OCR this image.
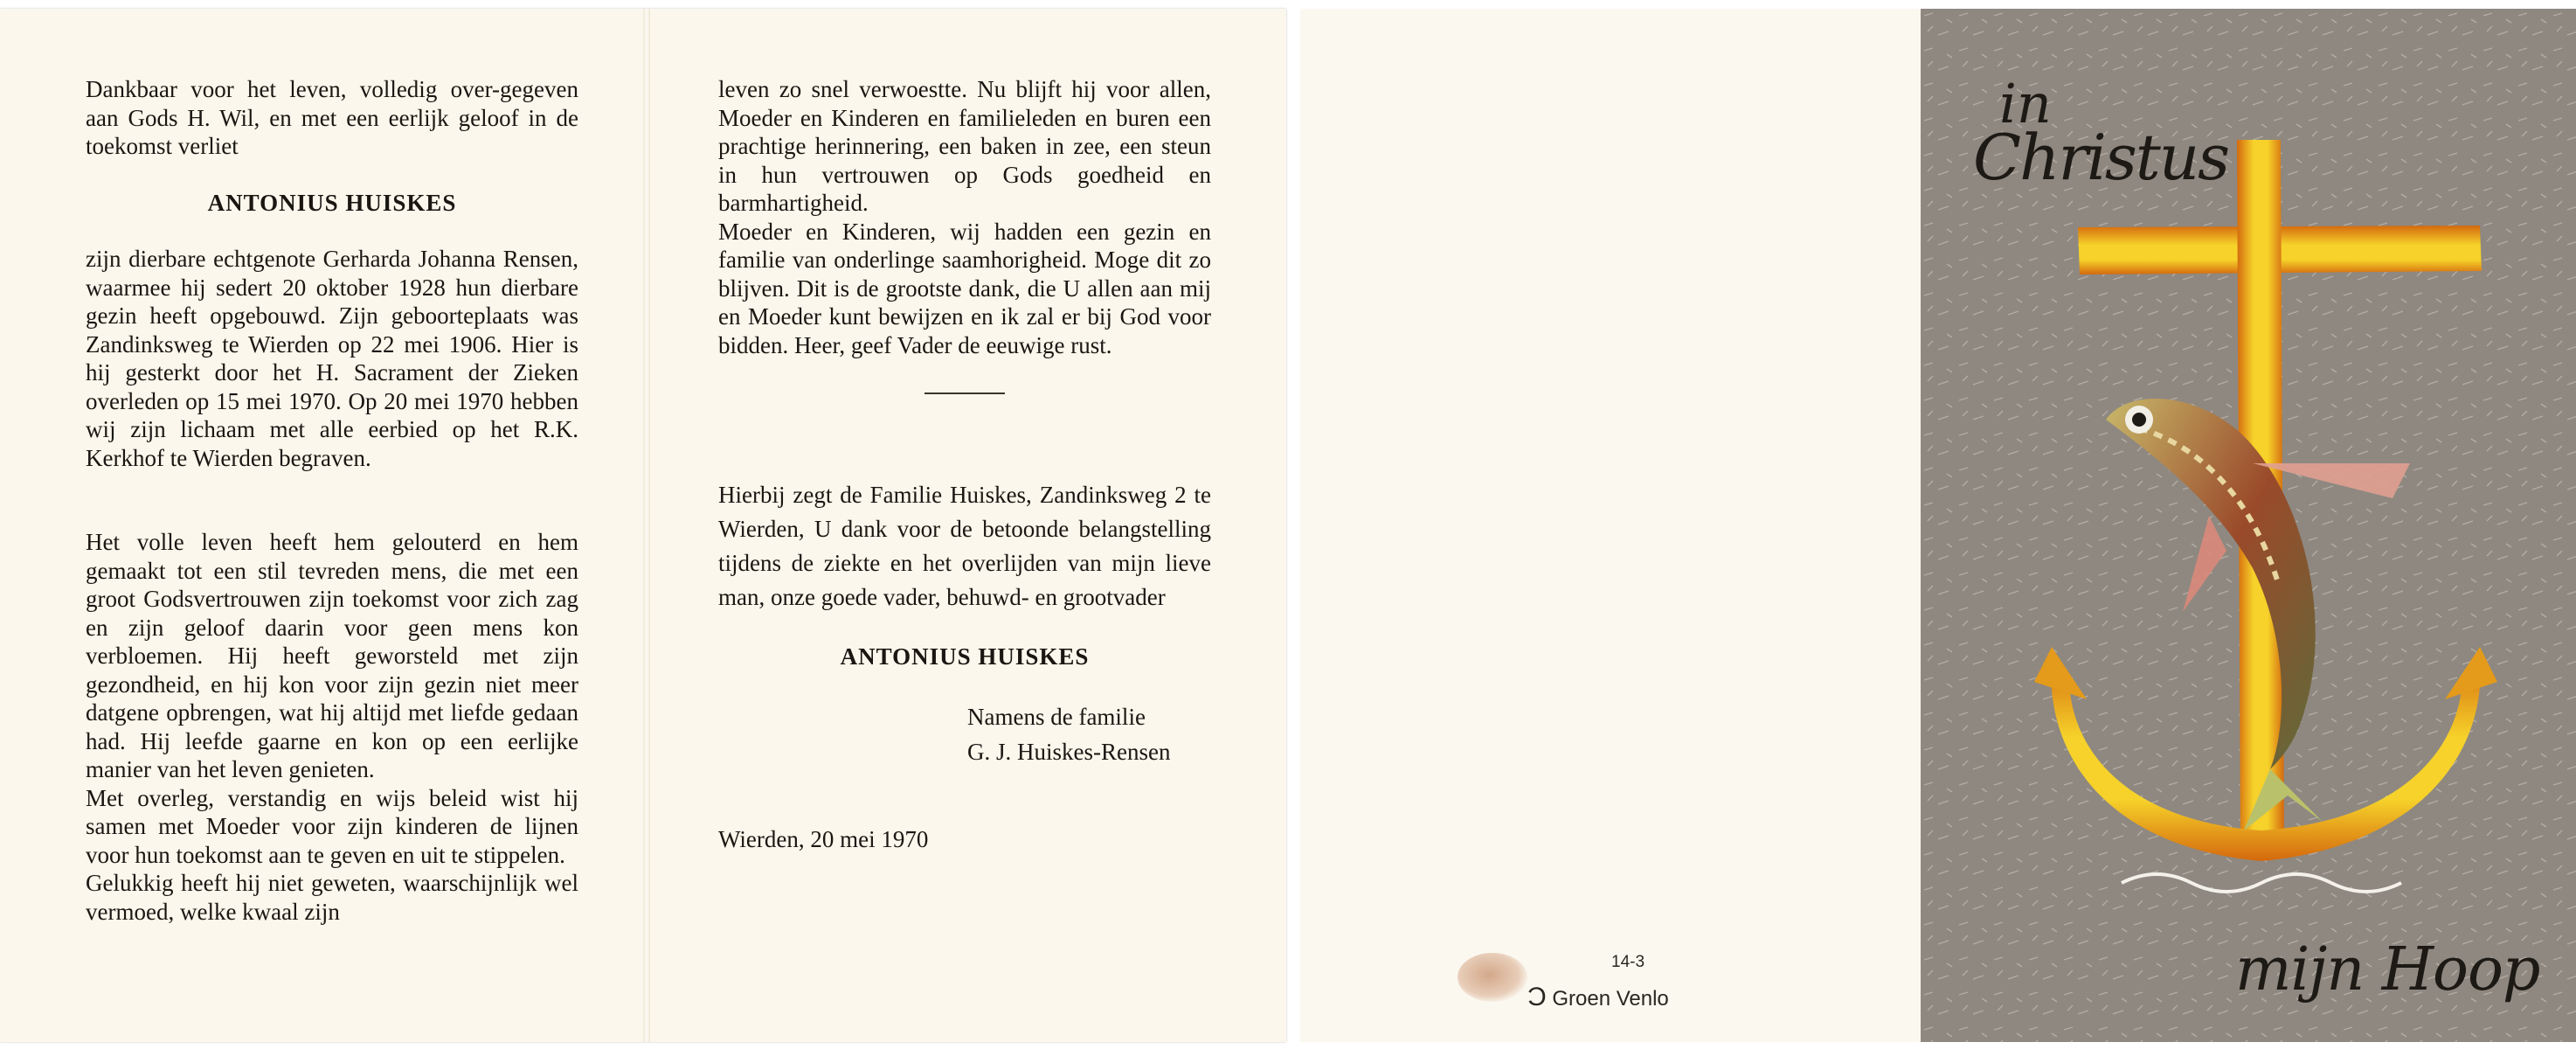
Dankbaar voor het leven, volledig over-gegeven aan Gods H. Wil, en met een eerlijk geloof in de toekomst verliet

ANTONIUS HUISKES

zijn dierbare echtgenote Gerharda Johanna Rensen, waarmee hij sedert 20 oktober 1928 hun dierbare gezin heeft opgebouwd. Zijn geboorteplaats was Zandinksweg te Wierden op 22 mei 1906. Hier is hij gesterkt door het H. Sacrament der Zieken overleden op 15 mei 1970. Op 20 mei 1970 hebben wij zijn lichaam met alle eerbied op het R.K. Kerkhof te Wierden begraven.

Het volle leven heeft hem gelouterd en hem gemaakt tot een stil tevreden mens, die met een groot Godsvertrouwen zijn toekomst voor zich zag en zijn geloof daarin voor geen mens kon verbloemen. Hij heeft geworsteld met zijn gezondheid, en hij kon voor zijn gezin niet meer datgene opbrengen, wat hij altijd met liefde gedaan had. Hij leefde gaarne en kon op een eerlijke manier van het leven genieten.

Met overleg, verstandig en wijs beleid wist hij samen met Moeder voor zijn kinderen de lijnen voor hun toekomst aan te geven en uit te stippelen.

Gelukkig heeft hij niet geweten, waarschijnlijk wel vermoed, welke kwaal zijn

leven zo snel verwoestte. Nu blijft hij voor allen, Moeder en Kinderen en familieleden en buren een prachtige herinnering, een baken in zee, een steun in hun vertrouwen op Gods goedheid en barmhartigheid.

Moeder en Kinderen, wij hadden een gezin en familie van onderlinge saamhorigheid. Moge dit zo blijven. Dit is de grootste dank, die U allen aan mij en Moeder kunt bewijzen en ik zal er bij God voor bidden. Heer, geef Vader de eeuwige rust.

Hierbij zegt de Familie Huiskes, Zandinksweg 2 te Wierden, U dank voor de betoonde belangstelling tijdens de ziekte en het overlijden van mijn lieve man, onze goede vader, behuwd- en grootvader

ANTONIUS HUISKES

Namens de familie

G. J. Huiskes-Rensen

Wierden, 20 mei 1970

14-3
Ɔ Groen Venlo
in
Christus
mijn Hoop
